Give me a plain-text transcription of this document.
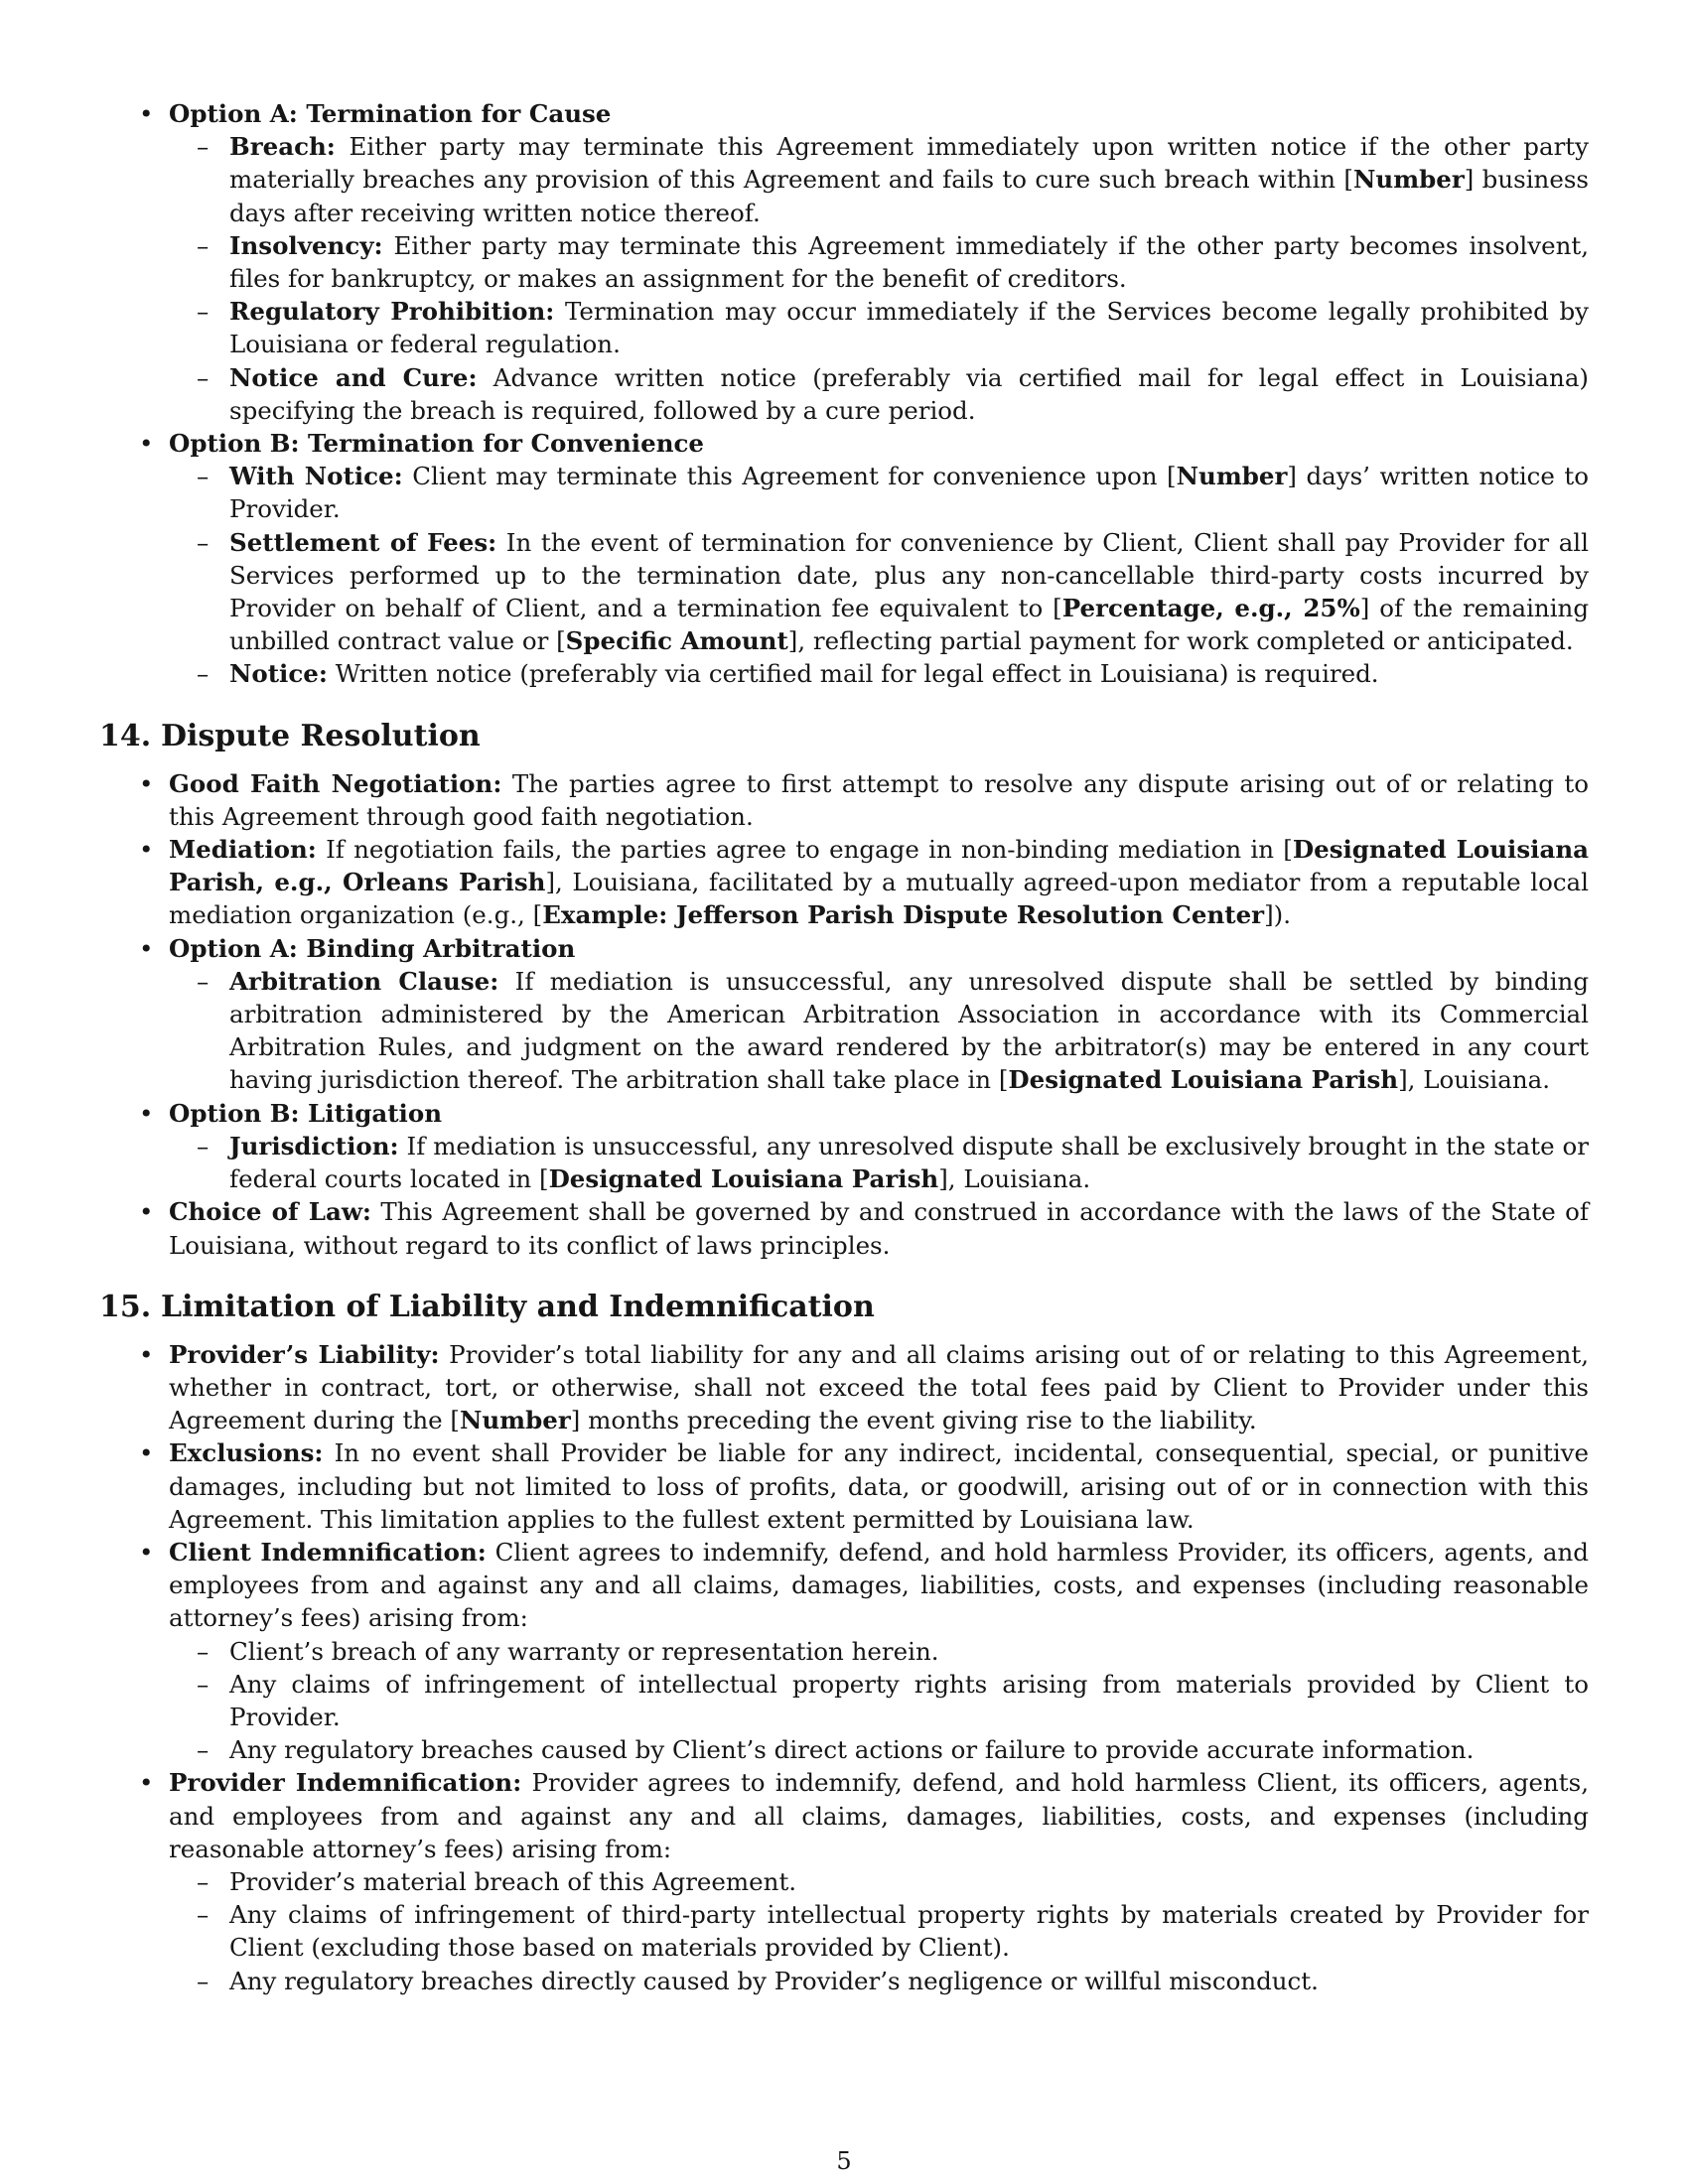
• Option A: Termination for Cause
– Breach: Either party may terminate this Agreement immediately upon written notice if the other party materially breaches any provision of this Agreement and fails to cure such breach within [Number] business days after receiving written notice thereof.
– Insolvency: Either party may terminate this Agreement immediately if the other party becomes insolvent, files for bankruptcy, or makes an assignment for the benefit of creditors.
– Regulatory Prohibition: Termination may occur immediately if the Services become legally prohibited by Louisiana or federal regulation.
– Notice and Cure: Advance written notice (preferably via certified mail for legal effect in Louisiana) specifying the breach is required, followed by a cure period.
• Option B: Termination for Convenience
– With Notice: Client may terminate this Agreement for convenience upon [Number] days’ written notice to Provider.
– Settlement of Fees: In the event of termination for convenience by Client, Client shall pay Provider for all Services performed up to the termination date, plus any non-cancellable third-party costs incurred by Provider on behalf of Client, and a termination fee equivalent to [Percentage, e.g., 25%] of the remaining unbilled contract value or [Specific Amount], reflecting partial payment for work completed or anticipated.
– Notice: Written notice (preferably via certified mail for legal effect in Louisiana) is required.
14. Dispute Resolution
• Good Faith Negotiation: The parties agree to first attempt to resolve any dispute arising out of or relating to this Agreement through good faith negotiation.
• Mediation: If negotiation fails, the parties agree to engage in non-binding mediation in [Designated Louisiana Parish, e.g., Orleans Parish], Louisiana, facilitated by a mutually agreed-upon mediator from a reputable local mediation organization (e.g., [Example: Jefferson Parish Dispute Resolution Center]).
• Option A: Binding Arbitration
– Arbitration Clause: If mediation is unsuccessful, any unresolved dispute shall be settled by binding arbitration administered by the American Arbitration Association in accordance with its Commercial Arbitration Rules, and judgment on the award rendered by the arbitrator(s) may be entered in any court having jurisdiction thereof. The arbitration shall take place in [Designated Louisiana Parish], Louisiana.
• Option B: Litigation
– Jurisdiction: If mediation is unsuccessful, any unresolved dispute shall be exclusively brought in the state or federal courts located in [Designated Louisiana Parish], Louisiana.
• Choice of Law: This Agreement shall be governed by and construed in accordance with the laws of the State of Louisiana, without regard to its conflict of laws principles.
15. Limitation of Liability and Indemnification
• Provider’s Liability: Provider’s total liability for any and all claims arising out of or relating to this Agreement, whether in contract, tort, or otherwise, shall not exceed the total fees paid by Client to Provider under this Agreement during the [Number] months preceding the event giving rise to the liability.
• Exclusions: In no event shall Provider be liable for any indirect, incidental, consequential, special, or punitive damages, including but not limited to loss of profits, data, or goodwill, arising out of or in connection with this Agreement. This limitation applies to the fullest extent permitted by Louisiana law.
• Client Indemnification: Client agrees to indemnify, defend, and hold harmless Provider, its officers, agents, and employees from and against any and all claims, damages, liabilities, costs, and expenses (including reasonable attorney’s fees) arising from:
– Client’s breach of any warranty or representation herein.
– Any claims of infringement of intellectual property rights arising from materials provided by Client to Provider.
– Any regulatory breaches caused by Client’s direct actions or failure to provide accurate information.
• Provider Indemnification: Provider agrees to indemnify, defend, and hold harmless Client, its officers, agents, and employees from and against any and all claims, damages, liabilities, costs, and expenses (including reasonable attorney’s fees) arising from:
– Provider’s material breach of this Agreement.
– Any claims of infringement of third-party intellectual property rights by materials created by Provider for Client (excluding those based on materials provided by Client).
– Any regulatory breaches directly caused by Provider’s negligence or willful misconduct.
5
